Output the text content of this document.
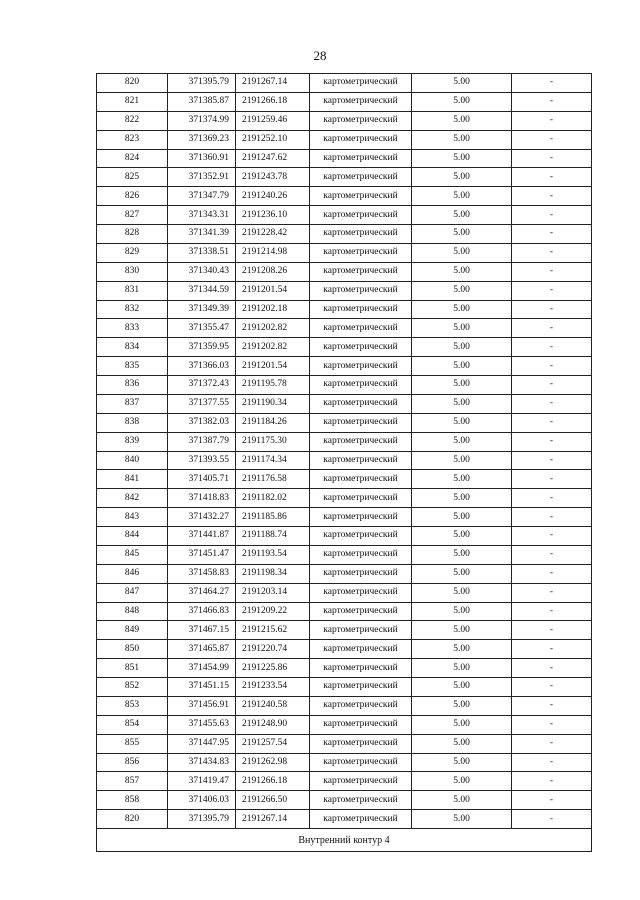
28
820	371395.79	2191267.14	картометрический	5.00	-
821	371385.87	2191266.18	картометрический	5.00	-
822	371374.99	2191259.46	картометрический	5.00	-
823	371369.23	2191252.10	картометрический	5.00	-
824	371360.91	2191247.62	картометрический	5.00	-
825	371352.91	2191243.78	картометрический	5.00	-
826	371347.79	2191240.26	картометрический	5.00	-
827	371343.31	2191236.10	картометрический	5.00	-
828	371341.39	2191228.42	картометрический	5.00	-
829	371338.51	2191214.98	картометрический	5.00	-
830	371340.43	2191208.26	картометрический	5.00	-
831	371344.59	2191201.54	картометрический	5.00	-
832	371349.39	2191202.18	картометрический	5.00	-
833	371355.47	2191202.82	картометрический	5.00	-
834	371359.95	2191202.82	картометрический	5.00	-
835	371366.03	2191201.54	картометрический	5.00	-
836	371372.43	2191195.78	картометрический	5.00	-
837	371377.55	2191190.34	картометрический	5.00	-
838	371382.03	2191184.26	картометрический	5.00	-
839	371387.79	2191175.30	картометрический	5.00	-
840	371393.55	2191174.34	картометрический	5.00	-
841	371405.71	2191176.58	картометрический	5.00	-
842	371418.83	2191182.02	картометрический	5.00	-
843	371432.27	2191185.86	картометрический	5.00	-
844	371441.87	2191188.74	картометрический	5.00	-
845	371451.47	2191193.54	картометрический	5.00	-
846	371458.83	2191198.34	картометрический	5.00	-
847	371464.27	2191203.14	картометрический	5.00	-
848	371466.83	2191209.22	картометрический	5.00	-
849	371467.15	2191215.62	картометрический	5.00	-
850	371465.87	2191220.74	картометрический	5.00	-
851	371454.99	2191225.86	картометрический	5.00	-
852	371451.15	2191233.54	картометрический	5.00	-
853	371456.91	2191240.58	картометрический	5.00	-
854	371455.63	2191248.90	картометрический	5.00	-
855	371447.95	2191257.54	картометрический	5.00	-
856	371434.83	2191262.98	картометрический	5.00	-
857	371419.47	2191266.18	картометрический	5.00	-
858	371406.03	2191266.50	картометрический	5.00	-
820	371395.79	2191267.14	картометрический	5.00	-
Внутренний контур 4					
